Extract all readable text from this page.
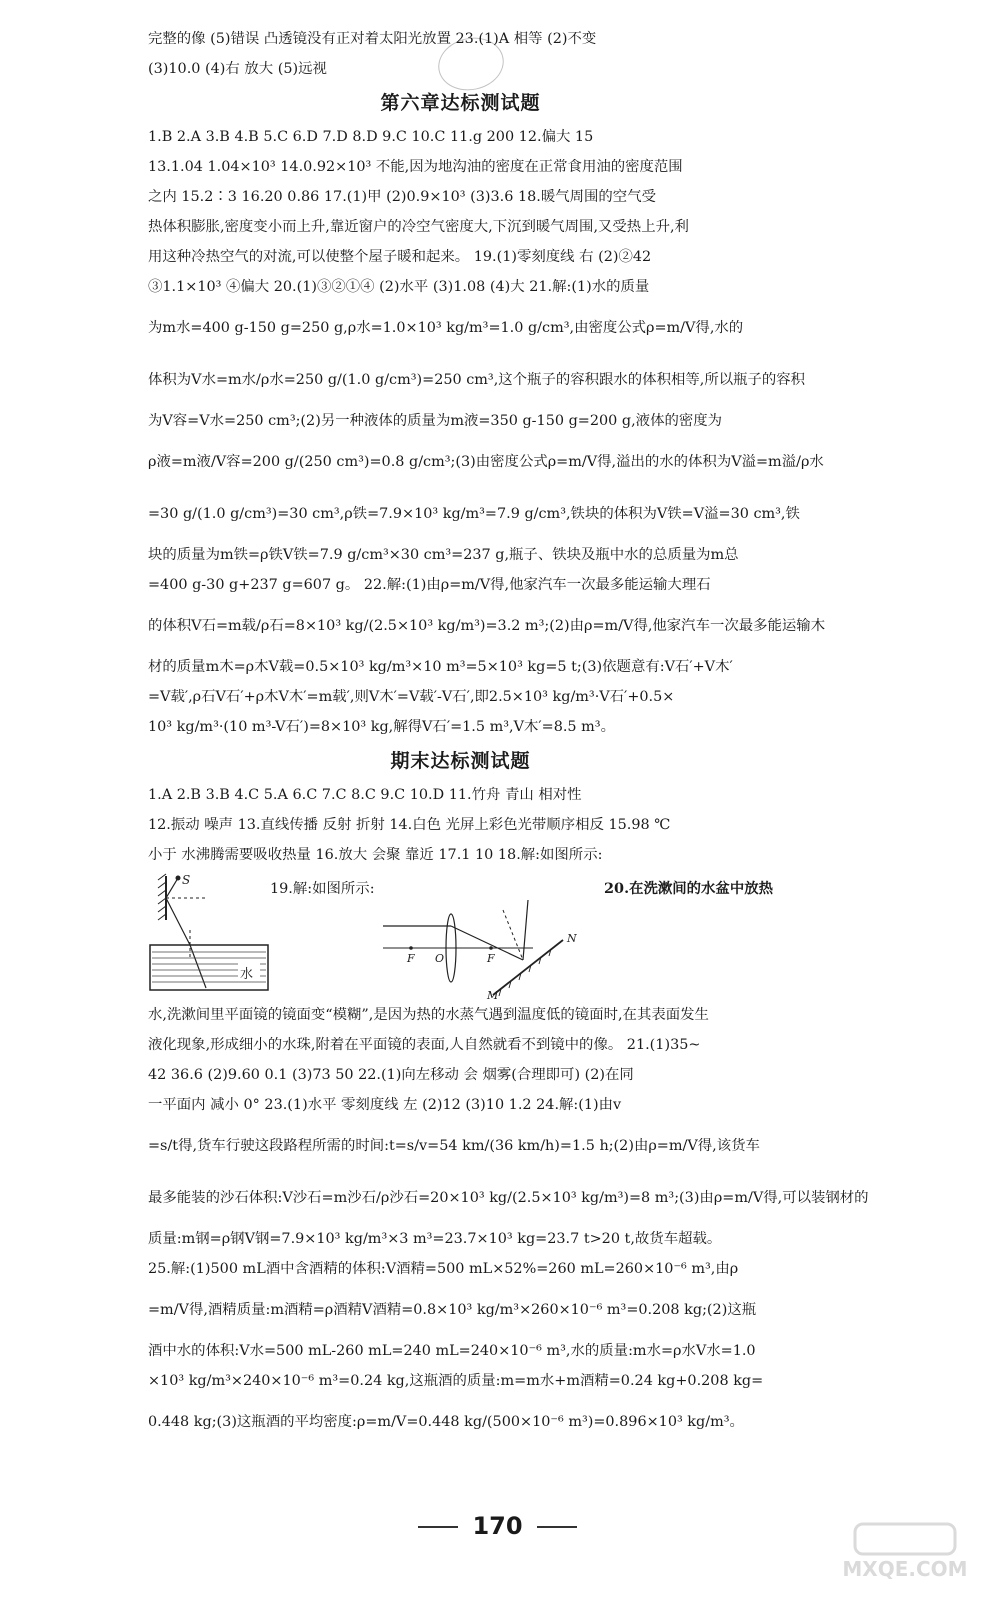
完整的像 (5)错误 凸透镜没有正对着太阳光放置 23.(1)A 相等 (2)不变
(3)10.0 (4)右 放大 (5)远视
第六章达标测试题
1.B 2.A 3.B 4.B 5.C 6.D 7.D 8.D 9.C 10.C 11.g 200 12.偏大 15
13.1.04 1.04×10³ 14.0.92×10³ 不能,因为地沟油的密度在正常食用油的密度范围
之内 15.2∶3 16.20 0.86 17.(1)甲 (2)0.9×10³ (3)3.6 18.暖气周围的空气受
热体积膨胀,密度变小而上升,靠近窗户的冷空气密度大,下沉到暖气周围,又受热上升,利
用这种冷热空气的对流,可以使整个屋子暖和起来。 19.(1)零刻度线 右 (2)②42
③1.1×10³ ④偏大 20.(1)③②①④ (2)水平 (3)1.08 (4)大 21.解:(1)水的质量
为m水=400 g-150 g=250 g,ρ水=1.0×10³ kg/m³=1.0 g/cm³,由密度公式ρ=m/V得,水的
体积为V水=m水/ρ水=250 g/(1.0 g/cm³)=250 cm³,这个瓶子的容积跟水的体积相等,所以瓶子的容积
为V容=V水=250 cm³;(2)另一种液体的质量为m液=350 g-150 g=200 g,液体的密度为
ρ液=m液/V容=200 g/(250 cm³)=0.8 g/cm³;(3)由密度公式ρ=m/V得,溢出的水的体积为V溢=m溢/ρ水
=30 g/(1.0 g/cm³)=30 cm³,ρ铁=7.9×10³ kg/m³=7.9 g/cm³,铁块的体积为V铁=V溢=30 cm³,铁
块的质量为m铁=ρ铁V铁=7.9 g/cm³×30 cm³=237 g,瓶子、铁块及瓶中水的总质量为m总
=400 g-30 g+237 g=607 g。 22.解:(1)由ρ=m/V得,他家汽车一次最多能运输大理石
的体积V石=m载/ρ石=8×10³ kg/(2.5×10³ kg/m³)=3.2 m³;(2)由ρ=m/V得,他家汽车一次最多能运输木
材的质量m木=ρ木V载=0.5×10³ kg/m³×10 m³=5×10³ kg=5 t;(3)依题意有:V石′+V木′
=V载′,ρ石V石′+ρ木V木′=m载′,则V木′=V载′-V石′,即2.5×10³ kg/m³·V石′+0.5×
10³ kg/m³·(10 m³-V石′)=8×10³ kg,解得V石′=1.5 m³,V木′=8.5 m³。
期末达标测试题
1.A 2.B 3.B 4.C 5.A 6.C 7.C 8.C 9.C 10.D 11.竹舟 青山 相对性
12.振动 噪声 13.直线传播 反射 折射 14.白色 光屏上彩色光带顺序相反 15.98 ℃
小于 水沸腾需要吸收热量 16.放大 会聚 靠近 17.1 10 18.解:如图所示:
S
水
19.解:如图所示:	20.在洗漱间的水盆中放热
F O	F
N
M
水,洗漱间里平面镜的镜面变“模糊”,是因为热的水蒸气遇到温度低的镜面时,在其表面发生
液化现象,形成细小的水珠,附着在平面镜的表面,人自然就看不到镜中的像。 21.(1)35~
42 36.6 (2)9.60 0.1 (3)73 50 22.(1)向左移动 会 烟雾(合理即可) (2)在同
一平面内 减小 0° 23.(1)水平 零刻度线 左 (2)12 (3)10 1.2 24.解:(1)由v
=s/t得,货车行驶这段路程所需的时间:t=s/v=54 km/(36 km/h)=1.5 h;(2)由ρ=m/V得,该货车
最多能装的沙石体积:V沙石=m沙石/ρ沙石=20×10³ kg/(2.5×10³ kg/m³)=8 m³;(3)由ρ=m/V得,可以装钢材的
质量:m钢=ρ钢V钢=7.9×10³ kg/m³×3 m³=23.7×10³ kg=23.7 t>20 t,故货车超载。
25.解:(1)500 mL酒中含酒精的体积:V酒精=500 mL×52%=260 mL=260×10⁻⁶ m³,由ρ
=m/V得,酒精质量:m酒精=ρ酒精V酒精=0.8×10³ kg/m³×260×10⁻⁶ m³=0.208 kg;(2)这瓶
酒中水的体积:V水=500 mL-260 mL=240 mL=240×10⁻⁶ m³,水的质量:m水=ρ水V水=1.0
×10³ kg/m³×240×10⁻⁶ m³=0.24 kg,这瓶酒的质量:m=m水+m酒精=0.24 kg+0.208 kg=
0.448 kg;(3)这瓶酒的平均密度:ρ=m/V=0.448 kg/(500×10⁻⁶ m³)=0.896×10³ kg/m³。
170
MXQE.COM
